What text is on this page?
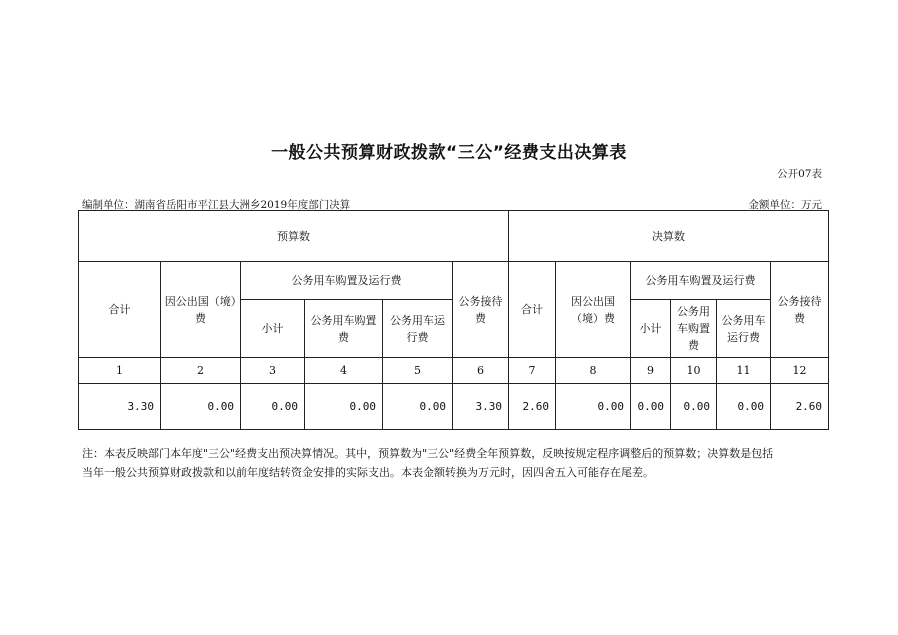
一般公共预算财政拨款“三公”经费支出决算表
公开07表
编制单位：湖南省岳阳市平江县大洲乡2019年度部门决算	金额单位：万元
预算数						决算数					
合计	因公出国（境）费	公务用车购置及运行费			公务接待费	合计	因公出国（境）费	公务用车购置及运行费			公务接待费
		小计	公务用车购置费	公务用车运行费				小计	公务用车购置费	公务用车运行费	
1	2	3	4	5	6	7	8	9	10	11	12
3.30	0.00	0.00	0.00	0.00	3.30	2.60	0.00	0.00	0.00	0.00	2.60
注：本表反映部门本年度"三公"经费支出预决算情况。其中，预算数为"三公"经费全年预算数，反映按规定程序调整后的预算数；决算数是包括
当年一般公共预算财政拨款和以前年度结转资金安排的实际支出。本表金额转换为万元时，因四舍五入可能存在尾差。
